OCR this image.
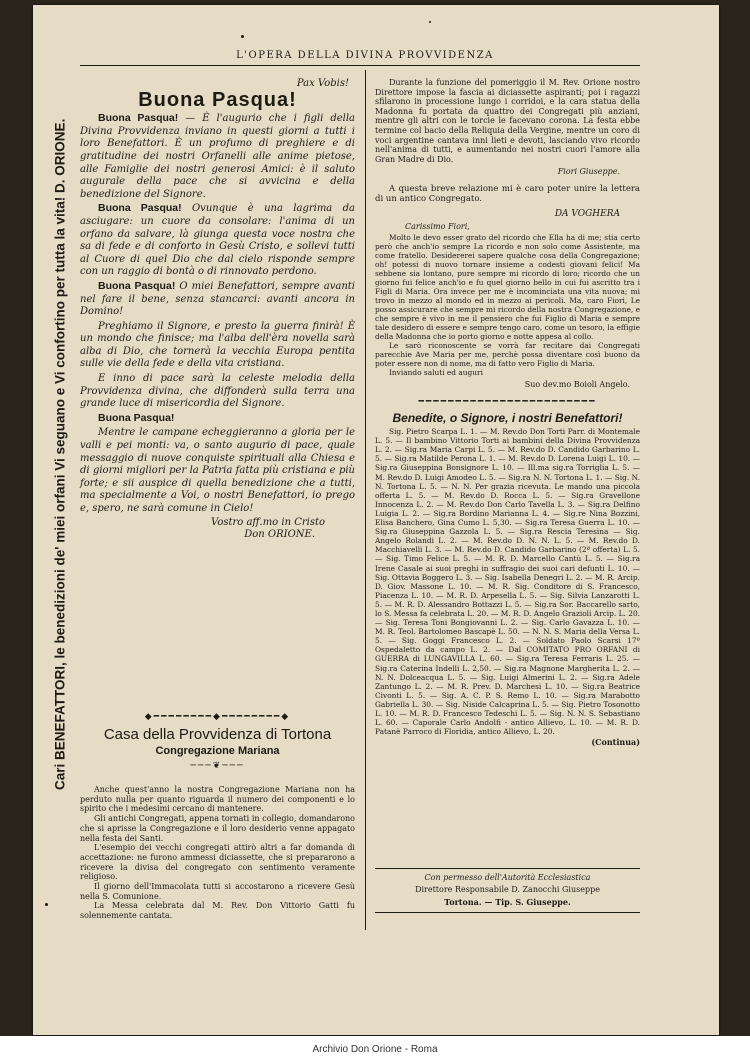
L'OPERA DELLA DIVINA PROVVIDENZA
Cari BENEFATTORI, le benedizioni de' miei orfani Vi seguano e Vi confortino per tutta la vita! D. ORIONE.
Pax Vobis!
Buona Pasqua!

Buona Pasqua! — È l'augurio che i figli della Divina Provvidenza inviano in questi giorni a tutti i loro Benefattori. È un profumo di preghiere e di gratitudine dei nostri Orfanelli alle anime pietose, alle Famiglie dei nostri generosi Amici: è il saluto augurale della pace che si avvicina e della benedizione del Signore.

Buona Pasqua! Ovunque è una lagrima da asciugare: un cuore da consolare: l'anima di un orfano da salvare, là giunga questa voce nostra che sa di fede e di conforto in Gesù Cristo, e sollevi tutti al Cuore di quel Dio che dal cielo risponde sempre con un raggio di bontà o di rinnovato perdono.

Buona Pasqua! O miei Benefattori, sempre avanti nel fare il bene, senza stancarci: avanti ancora in Domino!

Preghiamo il Signore, e presto la guerra finirà! È un mondo che finisce; ma l'alba dell'èra novella sarà alba di Dio, che tornerà la vecchia Europa pentita sulle vie della fede e della vita cristiana.

E inno di pace sarà la celeste melodia della Provvidenza divina, che diffonderà sulla terra una grande luce di misericordia del Signore.

Buona Pasqua!

Mentre le campane echeggieranno a gloria per le valli e pei monti: va, o santo augurio di pace, quale messaggio di nuove conquiste spirituali alla Chiesa e di giorni migliori per la Patria fatta più cristiana e più forte; e sii auspice di quella benedizione che a tutti, ma specialmente a Voi, o nostri Benefattori, io prego e, spero, ne sarà comune in Cielo!

Vostro aff.mo in Cristo
Don ORIONE.
◆━━━━━━━━◆━━━━━━━━◆
Casa della Provvidenza di Tortona
Congregazione Mariana
───❦───

Anche quest'anno la nostra Congregazione Mariana non ha perduto nulla per quanto riguarda il numero dei componenti e lo spirito che i medesimi cercano di mantenere.

Gli antichi Congregati, appena tornati in collegio, domandarono che si aprisse la Congregazione e il loro desiderio venne appagato nella festa dei Santi.

L'esempio dei vecchi congregati attirò altri a far domanda di accettazione: ne furono ammessi diciassette, che si prepararono a ricevere la divisa del congregato con sentimento veramente religioso.

Il giorno dell'Immacolata tutti si accostarono a ricevere Gesù nella S. Comunione.

La Messa celebrata dal M. Rev. Don Vittorio Gatti fu solennemente cantata.

Durante la funzione del pomeriggio il M. Rev. Orione nostro Direttore impose la fascia ai diciassette aspiranti; poi i ragazzi sfilarono in processione lungo i corridoi, e la cara statua della Madonna fu portata da quattro dei Congregati più anziani, mentre gli altri con le torcie le facevano corona. La festa ebbe termine col bacio della Reliquia della Vergine, mentre un coro di voci argentine cantava inni lieti e devoti, lasciando vivo ricordo nell'anima di tutti, e aumentando nei nostri cuori l'amore alla Gran Madre di Dio.

Fiori Giuseppe.

A questa breve relazione mi è caro poter unire la lettera di un antico Congregato.

DA VOGHERA
Carissimo Fiori,

Molto le devo esser grato del ricordo che Ella ha di me; stia certo però che anch'io sempre La ricordo e non solo come Assistente, ma come fratello. Desidererei sapere qualche cosa della Congregazione; oh! potessi di nuovo tornare insieme a codesti giovani felici! Ma sebbene sia lontano, pure sempre mi ricordo di loro; ricordo che un giorno fui felice anch'io e fu quel giorno bello in cui fui ascritto tra i Figli di Maria. Ora invece per me è incominciata una vita nuova; mi trovo in mezzo al mondo ed in mezzo ai pericoli. Ma, caro Fiori, Le posso assicurare che sempre mi ricordo della nostra Congregazione, e che sempre è vivo in me il pensiero che fui Figlio di Maria e sempre tale desidero di essere e sempre tengo caro, come un tesoro, la effigie della Madonna che io porto giorno e notte appesa al collo.

Le sarò riconoscente se vorrà far recitare dai Congregati parecchie Ave Maria per me, perchè possa diventare così buono da poter essere non di nome, ma di fatto vero Figlio di Maria.

Inviando saluti ed auguri

Suo dev.mo Boioli Angelo.
━━━━━━━━━━━━━━━━━━━━━━━━
Benedite, o Signore, i nostri Benefattori!

Sig. Pietro Scarpa L. 1. — M. Rev.do Don Torti Parr. di Montemale L. 5. — Il bambino Vittorio Torti ai bambini della Divina Provvidenza L. 2. — Sig.ra Maria Carpi L. 5. — M. Rev.do D. Candido Garbarino L. 5. — Sig.ra Matilde Perona L. 1. — M. Rev.do D. Lorena Luigi L. 10. — Sig.ra Giuseppina Bonsignore L. 10. — Ill.ma sig.ra Torriglia L. 5. — M. Rev.do D. Luigi Amodeo L. 5. — Sig.ra N. N. Tortona L. 1. — Sig. N. N. Tortona L. 5. — N. N. Per grazia ricevuta. Le mando una piccola offerta L. 5. — M. Rev.do D. Rocca L. 5. — Sig.ra Gravellone Innocenza L. 2. — M. Rev.do Don Carlo Tavella L. 3. — Sig.ra Delfino Luigia L. 2. — Sig.ra Bordino Marianna L. 4. — Sig.re Nina Bozzini, Elisa Banchero, Gina Cumo L. 5,30. — Sig.ra Teresa Guerra L. 10. — Sig.ra Giuseppina Gazzola L. 5. — Sig.ra Rescia Teresina — Sig. Angelo Rolandi L. 2. — M. Rev.do D. N. N. L. 5. — M. Rev.do D. Macchiavelli L. 3. — M. Rev.do D. Candido Garbarino (2ª offerta) L. 5. — Sig. Timo Felice L. 5. — M. R. D. Marcello Cantù L. 5. — Sig.ra Irene Casale ai suoi preghi in suffragio dei suoi cari defunti L. 10. — Sig. Ottavia Boggero L. 3. — Sig. Isabella Denegri L. 2. — M. R. Arcip. D. Giov. Massone L. 10. — M. R. Sig. Conditore di S. Francesco, Piacenza L. 10. — M. R. D. Arpesella L. 5. — Sig. Silvia Lanzarotti L. 5. — M. R. D. Alessandro Bottazzi L. 5. — Sig.ra Sor. Baccarello sarto, lo S. Messa fa celebrata L. 20. — M. R. D. Angelo Grazioli Arcip. L. 20. — Sig. Teresa Toni Bongiovanni L. 2. — Sig. Carlo Gavazza L. 10. — M. R. Teol. Bartolomeo Bascapè L. 50. — N. N. S. Maria della Versa L. 5. — Sig. Goggi Francesco L. 2. — Soldato Paolo Scarsi 17º Ospedaletto da campo L. 2. — Dal COMITATO PRO ORFANI di GUERRA di LUNGAVILLA L. 60. — Sig.ra Teresa Ferraris L. 25. — Sig.ra Caterina Indelli L. 2,50. — Sig.ra Magnone Margherita L. 2. — N. N. Dolceacqua L. 5. — Sig. Luigi Almerini L. 2. — Sig.ra Adele Zantungo L. 2. — M. R. Prev. D. Marchesi L. 10. — Sig.ra Beatrice Civonti L. 5. — Sig. A. C. P. S. Remo L. 10. — Sig.ra Marabotto Gabriella L. 30. — Sig. Niside Calcaprina L. 5. — Sig. Pietro Tosonotto L. 10. — M. R. D. Francesco Tedeschi L. 5. — Sig. N. N. S. Sebastiano L. 60. — Caporale Carlo Andolfi - antico Allievo, L. 10. — M. R. D. Patanè Parroco di Floridia, antico Allievo, L. 20.

(Continua)
Con permesso dell'Autorità Ecclesiastica
Direttore Responsabile D. Zanocchi Giuseppe
Tortona. — Tip. S. Giuseppe.
Archivio Don Orione - Roma
